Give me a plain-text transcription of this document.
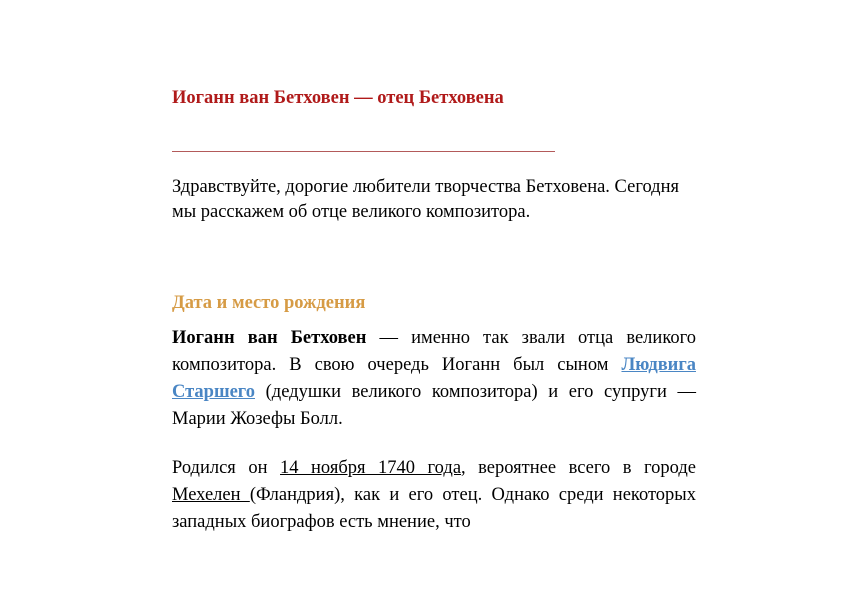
Иоганн ван Бетховен — отец Бетховена
Здравствуйте, дорогие любители творчества Бетховена. Сегодня мы расскажем об отце великого композитора.
Дата и место рождения
Иоганн ван Бетховен — именно так звали отца великого композитора. В свою очередь Иоганн был сыном Людвига Старшего (дедушки великого композитора) и его супруги — Марии Жозефы Болл.
Родился он 14 ноября 1740 года, вероятнее всего в городе Мехелен (Фландрия), как и его отец. Однако среди некоторых западных биографов есть мнение, что
